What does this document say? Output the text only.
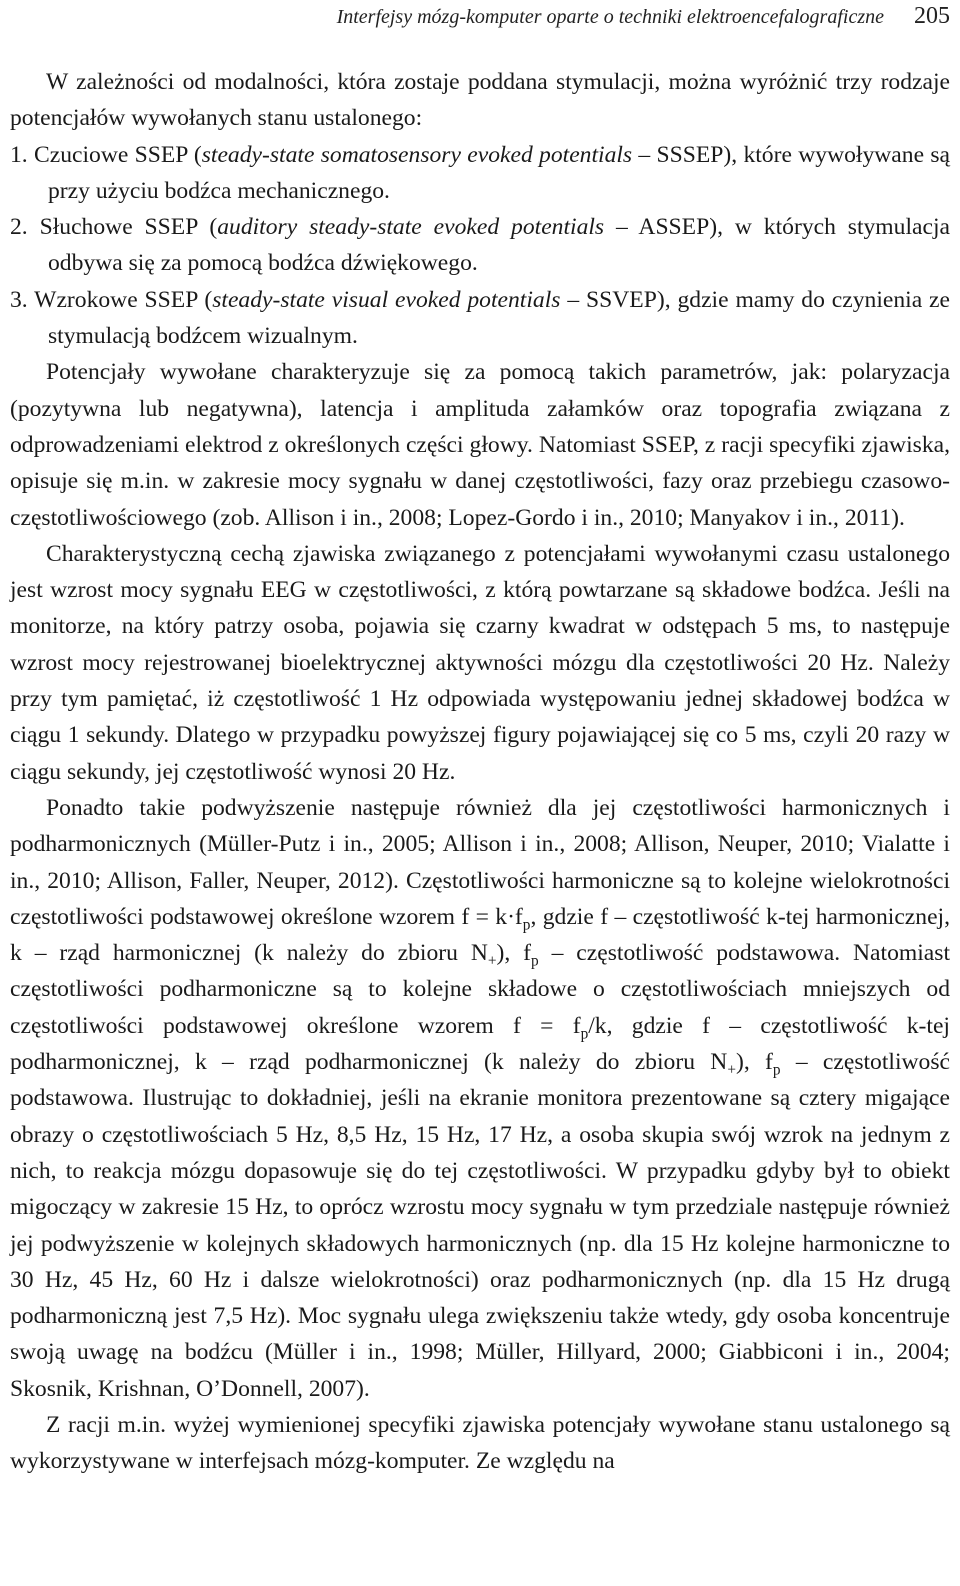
Interfejsy mózg-komputer oparte o techniki elektroencefalograficzne 205

W zależności od modalności, która zostaje poddana stymulacji, można wyróżnić trzy rodzaje potencjałów wywołanych stanu ustalonego:

1. Czuciowe SSEP (steady-state somatosensory evoked potentials – SSSEP), które wywoływane są przy użyciu bodźca mechanicznego.

2. Słuchowe SSEP (auditory steady-state evoked potentials – ASSEP), w których stymulacja odbywa się za pomocą bodźca dźwiękowego.

3. Wzrokowe SSEP (steady-state visual evoked potentials – SSVEP), gdzie mamy do czynienia ze stymulacją bodźcem wizualnym.

Potencjały wywołane charakteryzuje się za pomocą takich parametrów, jak: polaryzacja (pozytywna lub negatywna), latencja i amplituda załamków oraz topografia związana z odprowadzeniami elektrod z określonych części głowy. Natomiast SSEP, z racji specyfiki zjawiska, opisuje się m.in. w zakresie mocy sygnału w danej częstotliwości, fazy oraz przebiegu czasowo-częstotliwościowego (zob. Allison i in., 2008; Lopez-Gordo i in., 2010; Manyakov i in., 2011).

Charakterystyczną cechą zjawiska związanego z potencjałami wywołanymi czasu ustalonego jest wzrost mocy sygnału EEG w częstotliwości, z którą powtarzane są składowe bodźca. Jeśli na monitorze, na który patrzy osoba, pojawia się czarny kwadrat w odstępach 5 ms, to następuje wzrost mocy rejestrowanej bioelektrycznej aktywności mózgu dla częstotliwości 20 Hz. Należy przy tym pamiętać, iż częstotliwość 1 Hz odpowiada występowaniu jednej składowej bodźca w ciągu 1 sekundy. Dlatego w przypadku powyższej figury pojawiającej się co 5 ms, czyli 20 razy w ciągu sekundy, jej częstotliwość wynosi 20 Hz.

Ponadto takie podwyższenie następuje również dla jej częstotliwości harmonicznych i podharmonicznych (Müller-Putz i in., 2005; Allison i in., 2008; Allison, Neuper, 2010; Vialatte i in., 2010; Allison, Faller, Neuper, 2012). Częstotliwości harmoniczne są to kolejne wielokrotności częstotliwości podstawowej określone wzorem $f = k\cdot f_p$, gdzie f – częstotliwość k-tej harmonicznej, k – rząd harmonicznej (k należy do zbioru $N_+$), $f_p$ – częstotliwość podstawowa. Natomiast częstotliwości podharmoniczne są to kolejne składowe o częstotliwościach mniejszych od częstotliwości podstawowej określone wzorem $f = f_p/k$, gdzie f – częstotliwość k-tej podharmonicznej, k – rząd podharmonicznej (k należy do zbioru $N_+$), $f_p$ – częstotliwość podstawowa. Ilustrując to dokładniej, jeśli na ekranie monitora prezentowane są cztery migające obrazy o częstotliwościach 5 Hz, 8,5 Hz, 15 Hz, 17 Hz, a osoba skupia swój wzrok na jednym z nich, to reakcja mózgu dopasowuje się do tej częstotliwości. W przypadku gdyby był to obiekt migoczący w zakresie 15 Hz, to oprócz wzrostu mocy sygnału w tym przedziale następuje również jej podwyższenie w kolejnych składowych harmonicznych (np. dla 15 Hz kolejne harmoniczne to 30 Hz, 45 Hz, 60 Hz i dalsze wielokrotności) oraz podharmonicznych (np. dla 15 Hz drugą podharmoniczną jest 7,5 Hz). Moc sygnału ulega zwiększeniu także wtedy, gdy osoba koncentruje swoją uwagę na bodźcu (Müller i in., 1998; Müller, Hillyard, 2000; Giabbiconi i in., 2004; Skosnik, Krishnan, O’Donnell, 2007).

Z racji m.in. wyżej wymienionej specyfiki zjawiska potencjały wywołane stanu ustalonego są wykorzystywane w interfejsach mózg-komputer. Ze względu na
